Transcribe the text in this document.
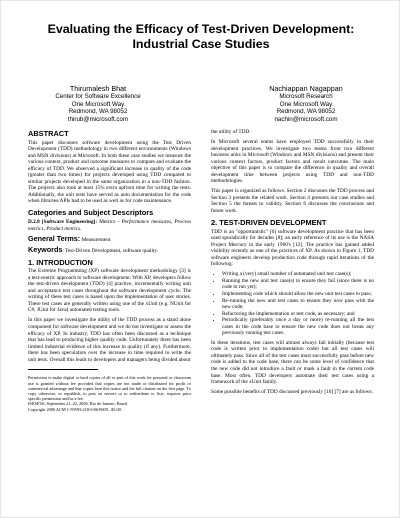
Evaluating the Efficacy of Test-Driven Development:
Industrial Case Studies
Thirumalesh Bhat
Center for Software Excellence
One Microsoft Way
Redmond, WA 98052
thirub@microsoft.com
Nachiappan Nagappan
Microsoft Research
One Microsoft Way
Redmond, WA 98052
nachin@microsoft.com
ABSTRACT

This paper discusses software development using the Test Driven Development (TDD) methodology in two different environments (Windows and MSN divisions) at Microsoft. In both these case studies we measure the various context, product and outcome measures to compare and evaluate the efficacy of TDD. We observed a significant increase in quality of the code (greater than two times) for projects developed using TDD compared to similar projects developed in the same organization in a non-TDD fashion. The projects also took at least 15% extra upfront time for writing the tests. Additionally, the unit tests have served as auto documentation for the code when libraries/APIs had to be used as well as for code maintenance.

Categories and Subject Descriptors

D.2.8 [Software Engineering]: Metrics - Performance measures, Process metrics, Product metrics.

General Terms: Measurement

Keywords: Test-Driven Development, software quality.

1. INTRODUCTION

The Extreme Programming (XP) software development methodology [3] is a test-centric approach to software development. With XP, developers follow the test-driven development (TDD) [4] practice, incrementally writing unit and acceptance test cases throughout the software development cycle. The writing of these test cases is based upon the implementation of user stories. These test cases are generally written using one of the xUnit (e.g. NUnit for C#, JUnit for Java) automated testing tools.

In this paper we investigate the utility of the TDD process as a stand alone component for software development and we do not investigate or assess the efficacy of XP. In industry, TDD has often been discussed as a technique that has lead to producing higher quality code. Unfortunately there has been limited industrial evidence of this increase in quality (if any). Furthermore, there has been speculation over the increase in time required to write the unit tests. Overall this leads to developers and managers being divided about

Permission to make digital or hard copies of all or part of this work for personal or classroom use is granted without fee provided that copies are not made or distributed for profit or commercial advantage and that copies bear this notice and the full citation on the first page. To copy otherwise, or republish, to post on servers or to redistribute to lists, requires prior specific permission and/or a fee.
ISESE'06, September 21–22, 2006, Rio de Janeiro, Brazil.
Copyright 2006 ACM 1-59593-218-6/06/0009...$5.00.

the utility of TDD.

In Microsoft several teams have employed TDD successfully in their development practices. We investigate two teams from two different business units in Microsoft (Windows and MSN divisions) and present their various context factors, product factors and result outcomes. The main objective of this paper is to compare the difference in quality and overall development time between projects using TDD and non-TDD methodologies.

This paper is organized as follows. Section 2 discusses the TDD process and Section 3 presents the related work. Section 4 presents our case studies and Section 5 the threats to validity. Section 6 discusses the conclusions and future work.

2. TEST-DRIVEN DEVELOPMENT

TDD is an "opportunistic" [6] software development practice that has been used sporadically for decades [8]; an early reference of its use is the NASA Project Mercury in the early 1960's [12]. The practice has gained added visibility recently as one of the practices of XP. As shown in Figure 1, TDD software engineers develop production code through rapid iterations of the following:

• Writing a (very) small number of automated unit test case(s);
• Running the new unit test case(s) to ensure they fail (since there is no code to run yet);
• Implementing code which should allow the new unit test cases to pass;
• Re-running the new unit test cases to ensure they now pass with the new code;
• Refactoring the implementation or test code, as necessary; and
• Periodically (preferably once a day or more) re-running all the test cases in the code base to ensure the new code does not break any previously running test cases.

In these iterations, test cases will almost always fail initially (because test code is written prior to implementation code) but all test cases will ultimately pass. Since all of the test cases must successfully pass before new code is added to the code base, there can be some level of confidence that the new code did not introduce a fault or mask a fault in the current code base. Most often, TDD developers automate their test cases using a framework of the xUnit family.

Some possible benefits of TDD discussed previously [16] [7] are as follows:
